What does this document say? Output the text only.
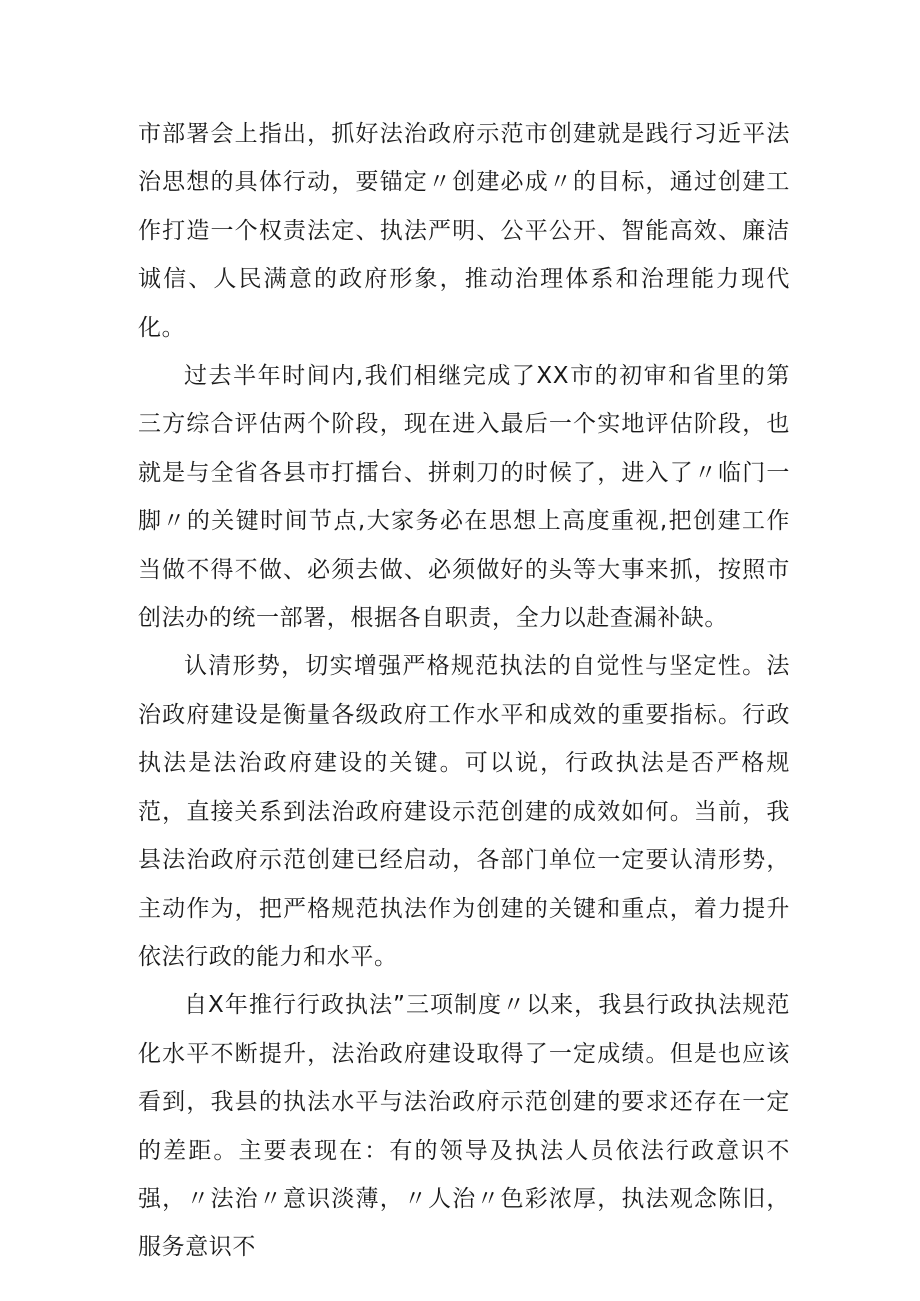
市部署会上指出，抓好法治政府示范市创建就是践行习近平法治思想的具体行动，要锚定〃创建必成〃的目标，通过创建工作打造一个权责法定、执法严明、公平公开、智能高效、廉洁诚信、人民满意的政府形象，推动治理体系和治理能力现代化。

过去半年时间内,我们相继完成了XX市的初审和省里的第三方综合评估两个阶段，现在进入最后一个实地评估阶段，也就是与全省各县市打擂台、拼刺刀的时候了，进入了〃临门一脚〃的关键时间节点,大家务必在思想上高度重视,把创建工作当做不得不做、必须去做、必须做好的头等大事来抓，按照市创法办的统一部署，根据各自职责，全力以赴查漏补缺。

认清形势，切实增强严格规范执法的自觉性与坚定性。法治政府建设是衡量各级政府工作水平和成效的重要指标。行政执法是法治政府建设的关键。可以说，行政执法是否严格规范，直接关系到法治政府建设示范创建的成效如何。当前，我县法治政府示范创建已经启动，各部门单位一定要认清形势，主动作为，把严格规范执法作为创建的关键和重点，着力提升依法行政的能力和水平。

自X年推行行政执法”三项制度〃以来，我县行政执法规范化水平不断提升，法治政府建设取得了一定成绩。但是也应该看到，我县的执法水平与法治政府示范创建的要求还存在一定的差距。主要表现在：有的领导及执法人员依法行政意识不强，〃法治〃意识淡薄，〃人治〃色彩浓厚，执法观念陈旧，服务意识不
